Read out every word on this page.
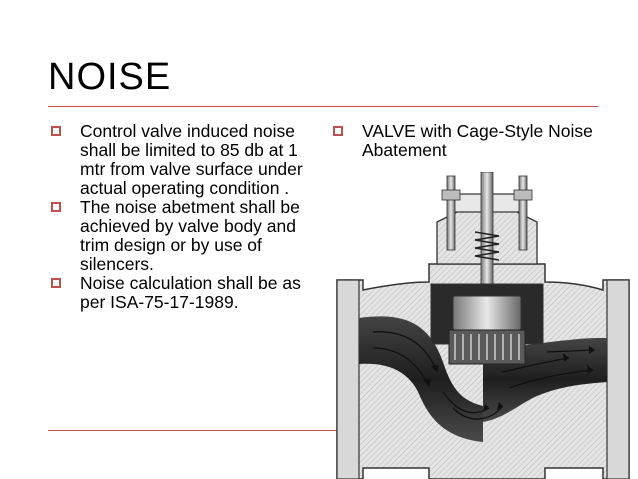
NOISE
Control valve induced noise shall be limited to 85 db at 1 mtr from valve surface under actual operating condition .
The noise abetment shall be achieved by valve body and trim design or by use of silencers.
Noise calculation shall be as per ISA-75-17-1989.
VALVE with Cage-Style Noise Abatement
